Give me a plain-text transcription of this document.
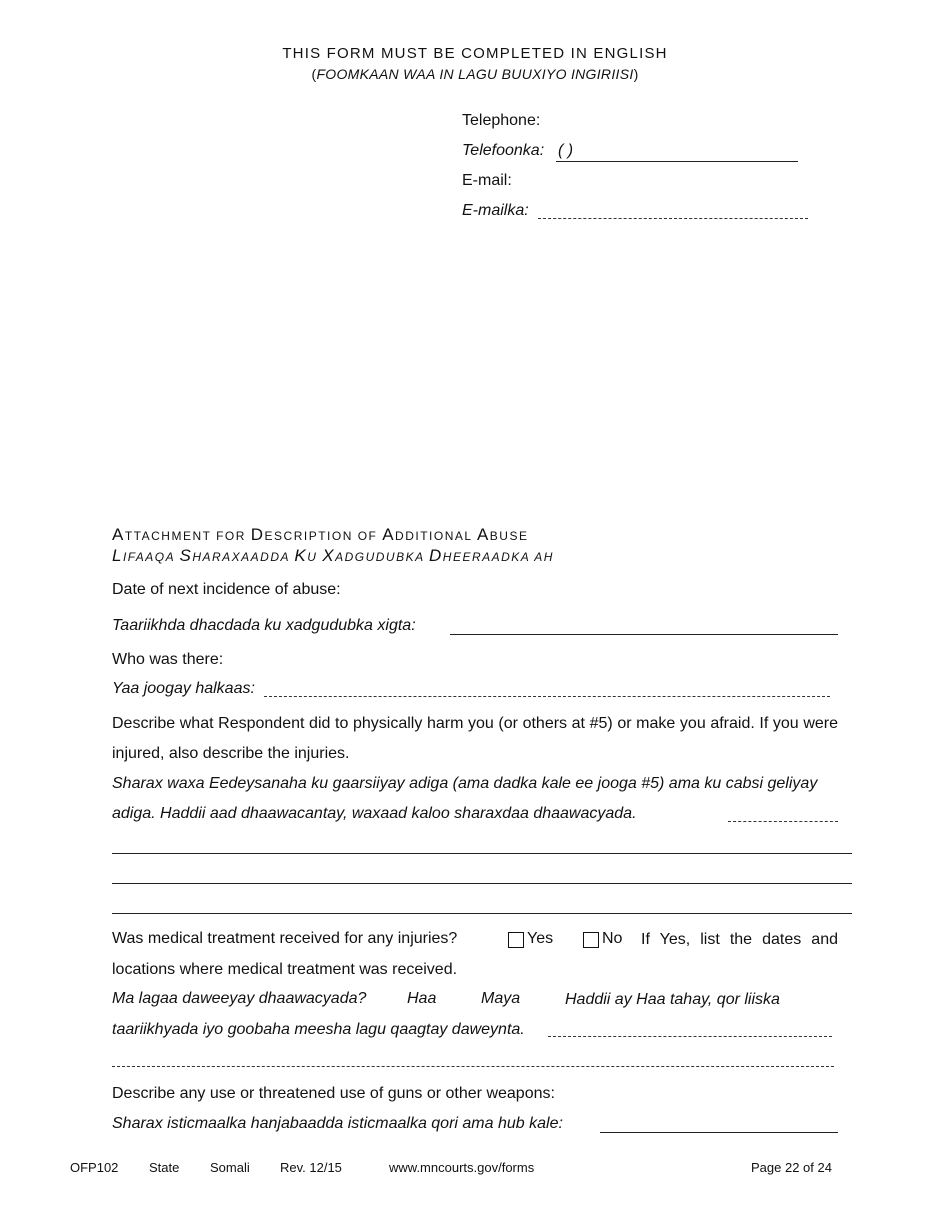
THIS FORM MUST BE COMPLETED IN ENGLISH
(FOOMKAAN WAA IN LAGU BUUXIYO INGIRIISI)
Telephone:
Telefoonka: ( )
E-mail:
E-mailka:
ATTACHMENT FOR DESCRIPTION OF ADDITIONAL ABUSE
LIFAAQA SHARAXAADDA KU XADGUDUBKA DHEERAADKA AH
Date of next incidence of abuse:
Taariikhda dhacdada ku xadgudubka xigta:
Who was there:
Yaa joogay halkaas:
Describe what Respondent did to physically harm you (or others at #5) or make you afraid. If you were injured, also describe the injuries.
Sharax waxa Eedeysanaha ku gaarsiiyay adiga (ama dadka kale ee jooga #5) ama ku cabsi geliyay adiga. Haddii aad dhaawacantay, waxaad kaloo sharaxdaa dhaawacyada.
Was medical treatment received for any injuries?	Yes	No	If Yes, list the dates and locations where medical treatment was received.
Ma lagaa daweeyay dhaawacyada?	Haa	Maya	Haddii ay Haa tahay, qor liiska taariikhyada iyo goobaha meesha lagu qaagtay daweynta.
Describe any use or threatened use of guns or other weapons:
Sharax isticmaalka hanjabaadda isticmaalka qori ama hub kale:
OFP102 State Somali Rev. 12/15	www.mncourts.gov/forms	Page 22 of 24
